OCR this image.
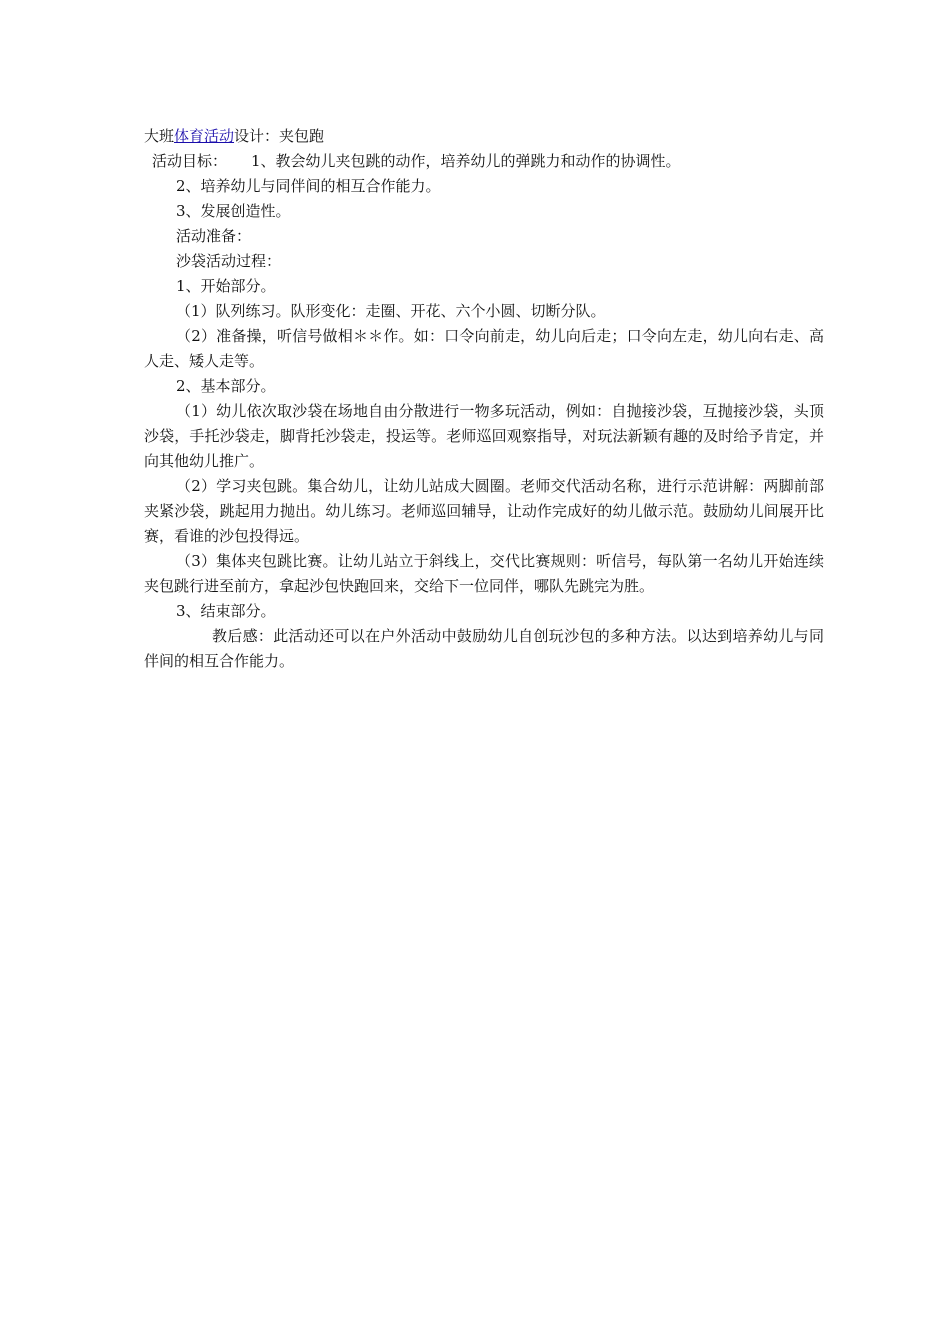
大班体育活动设计：夹包跑
活动目标： 1、教会幼儿夹包跳的动作，培养幼儿的弹跳力和动作的协调性。
2、培养幼儿与同伴间的相互合作能力。
3、发展创造性。
活动准备：
沙袋活动过程：
1、开始部分。
（1）队列练习。队形变化：走圈、开花、六个小圆、切断分队。
（2）准备操，听信号做相＊＊作。如：口令向前走，幼儿向后走；口令向左走，幼儿向右走、高人走、矮人走等。
2、基本部分。
（1）幼儿依次取沙袋在场地自由分散进行一物多玩活动，例如：自抛接沙袋，互抛接沙袋，头顶沙袋，手托沙袋走，脚背托沙袋走，投运等。老师巡回观察指导，对玩法新颖有趣的及时给予肯定，并向其他幼儿推广。
（2）学习夹包跳。集合幼儿，让幼儿站成大圆圈。老师交代活动名称，进行示范讲解：两脚前部夹紧沙袋，跳起用力抛出。幼儿练习。老师巡回辅导，让动作完成好的幼儿做示范。鼓励幼儿间展开比赛，看谁的沙包投得远。
（3）集体夹包跳比赛。让幼儿站立于斜线上，交代比赛规则：听信号，每队第一名幼儿开始连续夹包跳行进至前方，拿起沙包快跑回来，交给下一位同伴，哪队先跳完为胜。
3、结束部分。
教后感：此活动还可以在户外活动中鼓励幼儿自创玩沙包的多种方法。以达到培养幼儿与同伴间的相互合作能力。
